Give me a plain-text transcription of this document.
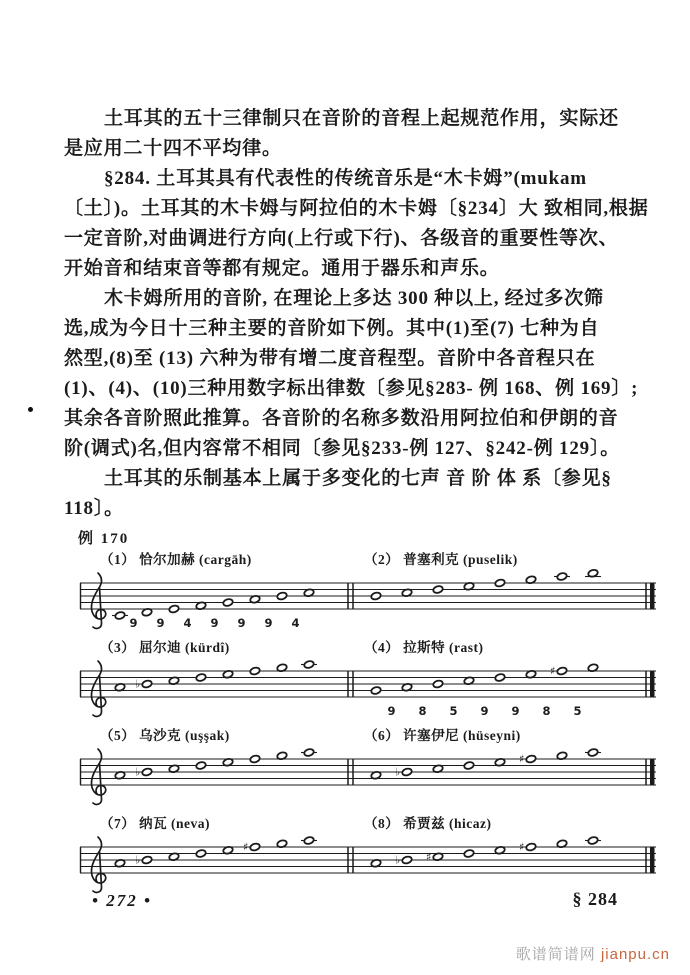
土耳其的五十三律制只在音阶的音程上起规范作用，实际还
是应用二十四不平均律。
§284. 土耳其具有代表性的传统音乐是“木卡姆”(mukam
〔土〕)。土耳其的木卡姆与阿拉伯的木卡姆〔§234〕大 致相同,根据
一定音阶,对曲调进行方向(上行或下行)、各级音的重要性等次、
开始音和结束音等都有规定。通用于器乐和声乐。
木卡姆所用的音阶, 在理论上多达 300 种以上, 经过多次筛
选,成为今日十三种主要的音阶如下例。其中(1)至(7) 七种为自
然型,(8)至 (13) 六种为带有增二度音程型。音阶中各音程只在
(1)、(4)、(10)三种用数字标出律数〔参见§283- 例 168、例 169〕;
其余各音阶照此推算。各音阶的名称多数沿用阿拉伯和伊朗的音
阶(调式)名,但内容常不相同〔参见§233-例 127、§242-例 129〕。
土耳其的乐制基本上属于多变化的七声 音 阶 体 系〔参见§
118〕。
例 170
（1） 恰尔加赫 (cargāh)	（2） 普塞利克 (puselik)
9 9 4 9 9 9 4
（3） 屈尔迪 (kürdî)	（4） 拉斯特 (rast)
♭
♯
9 8 5 9 9 8 5
（5） 乌沙克 (uşşak)	（6） 许塞伊尼 (hüseyni)
♭	♭
♯
（7） 纳瓦 (neva)	（8） 希贾兹 (hicaz)
♭
♯
♭ ♯
♯
• 272 •	§ 284
歌谱简谱网 jianpu.cn
